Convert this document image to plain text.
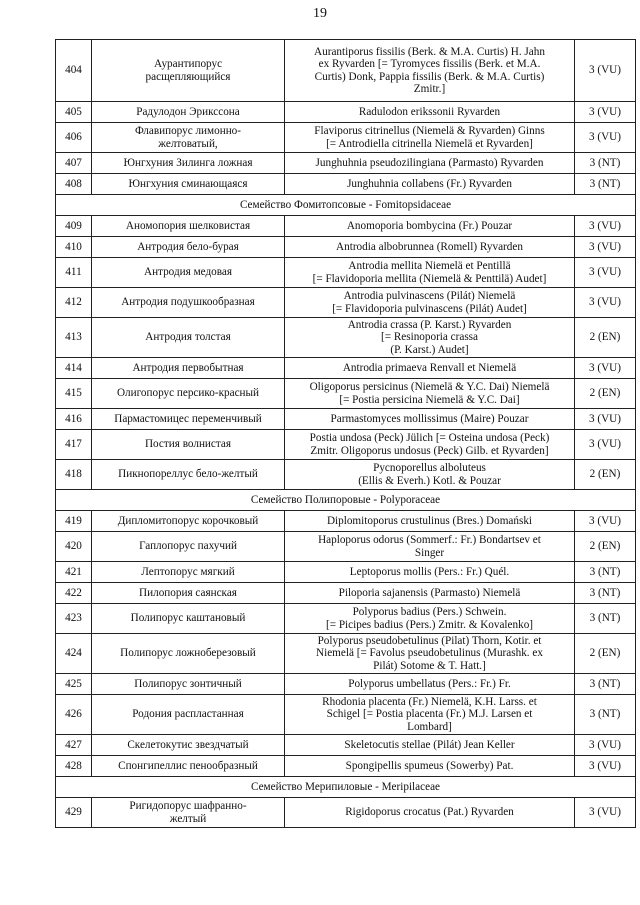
19
404	Аурантипорус
расщепляющийся	Aurantiporus fissilis (Berk. & M.A. Curtis) H. Jahn
ex Ryvarden [= Tyromyces fissilis (Berk. et M.A.
Curtis) Donk, Pappia fissilis (Berk. & M.A. Curtis)
Zmitr.]	3 (VU)
405	Радулодон Эрикссона	Radulodon erikssonii Ryvarden	3 (VU)
406	Флавипорус лимонно-
желтоватый,	Flaviporus citrinellus (Niemelä & Ryvarden) Ginns
[= Antrodiella citrinella Niemelä et Ryvarden]	3 (VU)
407	Юнгхуния Зилинга ложная	Junghuhnia pseudozilingiana (Parmasto) Ryvarden	3 (NT)
408	Юнгхуния сминающаяся	Junghuhnia collabens (Fr.) Ryvarden	3 (NT)
Семейство Фомитопсовые - Fomitopsidaceae			
409	Аномопория шелковистая	Anomoporia bombycina (Fr.) Pouzar	3 (VU)
410	Антродия бело-бурая	Antrodia albobrunnea (Romell) Ryvarden	3 (VU)
411	Антродия медовая	Antrodia mellita Niemelä et Pentillä
[= Flavidoporia mellita (Niemelä & Penttilä) Audet]	3 (VU)
412	Антродия подушкообразная	Antrodia pulvinascens (Pilát) Niemelä
[= Flavidoporia pulvinascens (Pilát) Audet]	3 (VU)
413	Антродия толстая	Antrodia crassa (P. Karst.) Ryvarden
[= Resinoporia crassa
(P. Karst.) Audet]	2 (EN)
414	Антродия первобытная	Antrodia primaeva Renvall et Niemelä	3 (VU)
415	Олигопорус персико-красный	Oligoporus persicinus (Niemelä & Y.C. Dai) Niemelä
[= Postia persicina Niemelä & Y.C. Dai]	2 (EN)
416	Пармастомицес переменчивый	Parmastomyces mollissimus (Maire) Pouzar	3 (VU)
417	Постия волнистая	Postia undosa (Peck) Jülich [= Osteina undosa (Peck)
Zmitr. Oligoporus undosus (Peck) Gilb. et Ryvarden]	3 (VU)
418	Пикнопореллус бело-желтый	Pycnoporellus alboluteus
(Ellis & Everh.) Kotl. & Pouzar	2 (EN)
Семейство Полипоровые - Polyporaceae			
419	Дипломитопорус корочковый	Diplomitoporus crustulinus (Bres.) Domański	3 (VU)
420	Гаплопорус пахучий	Haploporus odorus (Sommerf.: Fr.) Bondartsev et
Singer	2 (EN)
421	Лептопорус мягкий	Leptoporus mollis (Pers.: Fr.) Quél.	3 (NT)
422	Пилопория саянская	Piloporia sajanensis (Parmasto) Niemelä	3 (NT)
423	Полипорус каштановый	Polyporus badius (Pers.) Schwein.
[= Picipes badius (Pers.) Zmitr. & Kovalenko]	3 (NT)
424	Полипорус ложноберезовый	Polyporus pseudobetulinus (Pilat) Thorn, Kotir. et
Niemelä [= Favolus pseudobetulinus (Murashk. ex
Pilát) Sotome & T. Hatt.]	2 (EN)
425	Полипорус зонтичный	Polyporus umbellatus (Pers.: Fr.) Fr.	3 (NT)
426	Родония распластанная	Rhodonia placenta (Fr.) Niemelä, K.H. Larss. et
Schigel [= Postia placenta (Fr.) M.J. Larsen et
Lombard]	3 (NT)
427	Скелетокутис звездчатый	Skeletocutis stellae (Pilát) Jean Keller	3 (VU)
428	Спонгипеллис пенообразный	Spongipellis spumeus (Sowerby) Pat.	3 (VU)
Семейство Мерипиловые - Meripilaceae			
429	Ригидопорус шафранно-
желтый	Rigidoporus crocatus (Pat.) Ryvarden	3 (VU)
